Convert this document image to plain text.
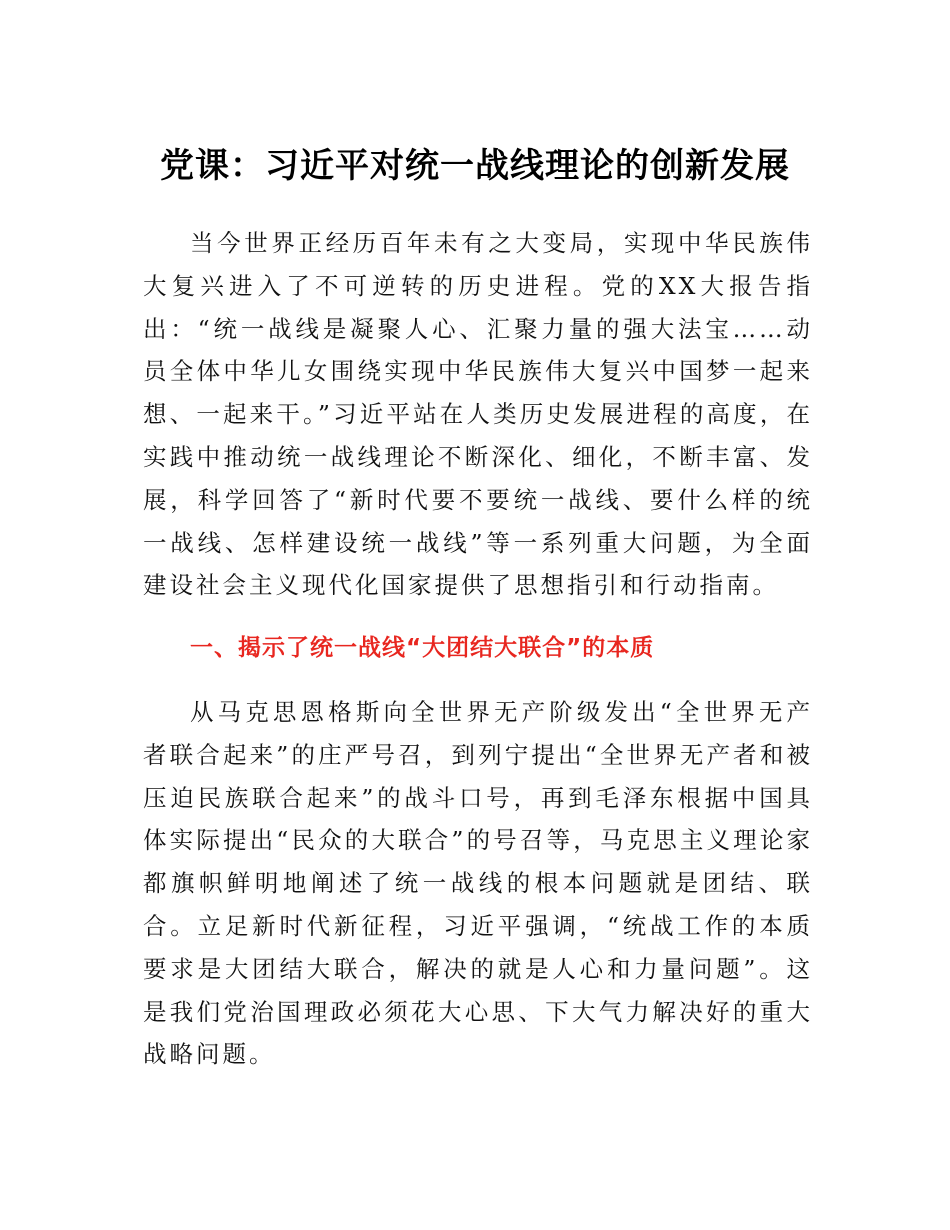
党课：习近平对统一战线理论的创新发展

当今世界正经历百年未有之大变局，实现中华民族伟大复兴进入了不可逆转的历史进程。党的XX大报告指出：“统一战线是凝聚人心、汇聚力量的强大法宝……动员全体中华儿女围绕实现中华民族伟大复兴中国梦一起来想、一起来干。”习近平站在人类历史发展进程的高度，在实践中推动统一战线理论不断深化、细化，不断丰富、发展，科学回答了“新时代要不要统一战线、要什么样的统一战线、怎样建设统一战线”等一系列重大问题，为全面建设社会主义现代化国家提供了思想指引和行动指南。

一、揭示了统一战线“大团结大联合”的本质

从马克思恩格斯向全世界无产阶级发出“全世界无产者联合起来”的庄严号召，到列宁提出“全世界无产者和被压迫民族联合起来”的战斗口号，再到毛泽东根据中国具体实际提出“民众的大联合”的号召等，马克思主义理论家都旗帜鲜明地阐述了统一战线的根本问题就是团结、联合。立足新时代新征程，习近平强调，“统战工作的本质要求是大团结大联合，解决的就是人心和力量问题”。这是我们党治国理政必须花大心思、下大气力解决好的重大战略问题。
